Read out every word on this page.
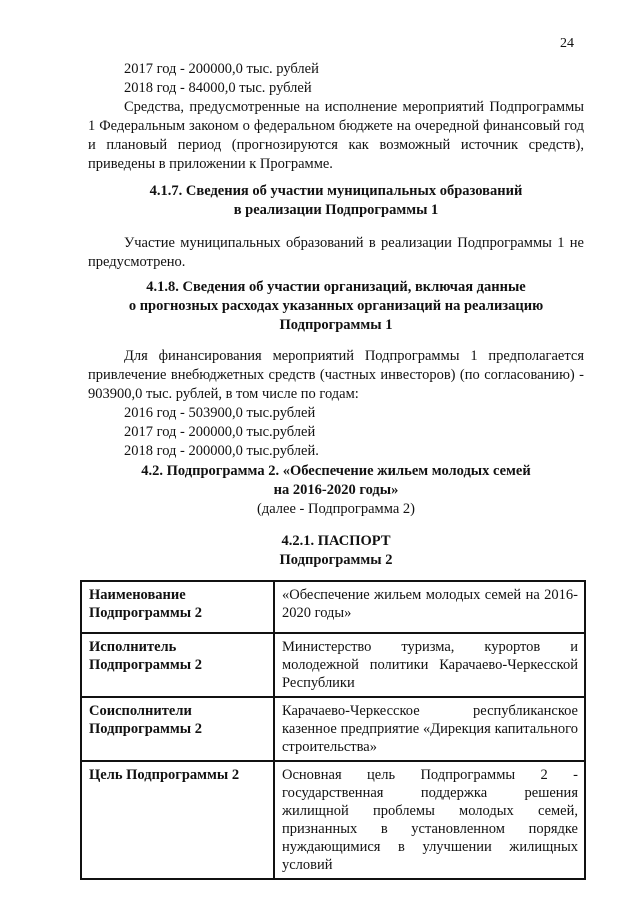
24

2017 год - 200000,0 тыс. рублей

2018 год - 84000,0 тыс. рублей

Средства, предусмотренные на исполнение мероприятий Подпрограммы 1 Федеральным законом о федеральном бюджете на очередной финансовый год и плановый период (прогнозируются как возможный источник средств), приведены в приложении к Программе.

4.1.7. Сведения об участии муниципальных образований

в реализации Подпрограммы 1

Участие муниципальных образований в реализации Подпрограммы 1 не предусмотрено.

4.1.8. Сведения об участии организаций, включая данные

о прогнозных расходах указанных организаций на реализацию

Подпрограммы 1

Для финансирования мероприятий Подпрограммы 1 предполагается привлечение внебюджетных средств (частных инвесторов) (по согласованию) - 903900,0 тыс. рублей, в том числе по годам:

2016 год - 503900,0 тыс.рублей

2017 год - 200000,0 тыс.рублей

2018 год - 200000,0 тыс.рублей.

4.2. Подпрограмма 2. «Обеспечение жильем молодых семей

на 2016-2020 годы»

(далее - Подпрограмма 2)

4.2.1. ПАСПОРТ

Подпрограммы 2

Наименование
Подпрограммы 2	«Обеспечение жильем молодых семей на 2016-2020 годы»

Исполнитель
Подпрограммы 2	Министерство туризма, курортов и молодежной политики Карачаево-Черкесской Республики

Соисполнители
Подпрограммы 2	Карачаево-Черкесское республиканское казенное предприятие «Дирекция капитального строительства»

Цель Подпрограммы 2	Основная цель Подпрограммы 2 - государственная поддержка решения жилищной проблемы молодых семей, признанных в установленном порядке нуждающимися в улучшении жилищных условий
